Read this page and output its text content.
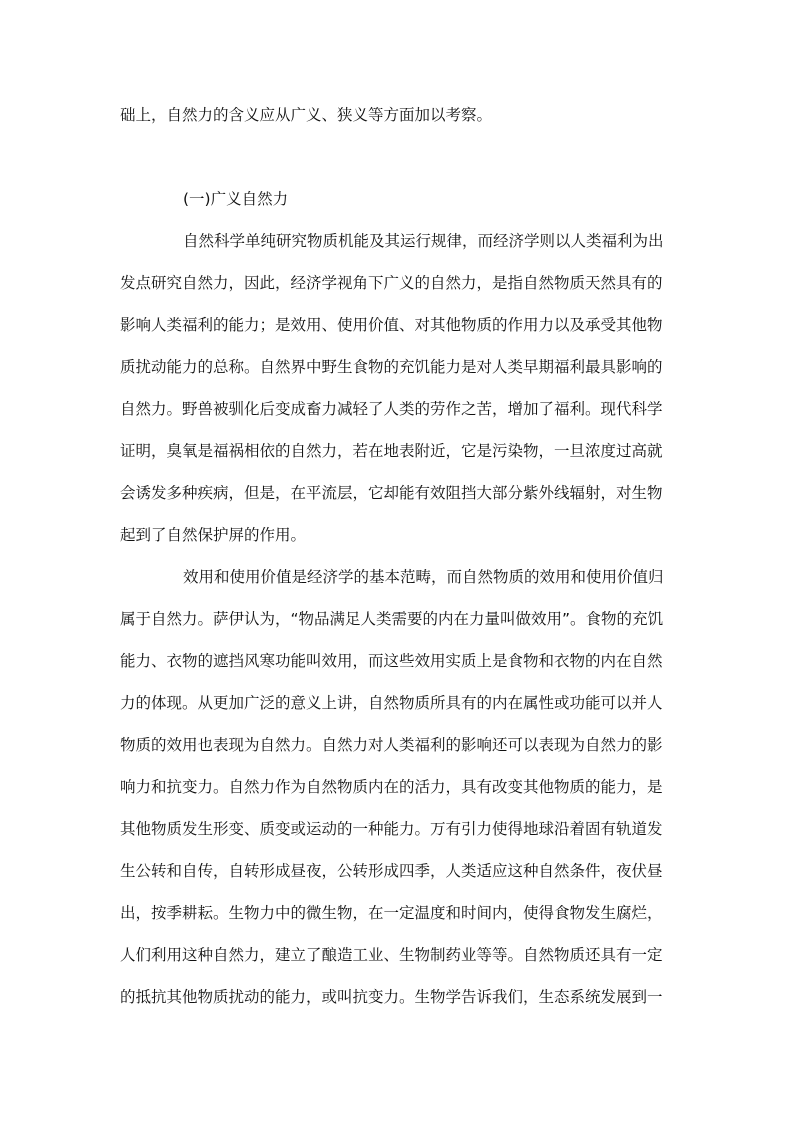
础上，自然力的含义应从广义、狭义等方面加以考察。
(一)广义自然力
自然科学单纯研究物质机能及其运行规律，而经济学则以人类福利为出
发点研究自然力，因此，经济学视角下广义的自然力，是指自然物质天然具有的
影响人类福利的能力；是效用、使用价值、对其他物质的作用力以及承受其他物
质扰动能力的总称。自然界中野生食物的充饥能力是对人类早期福利最具影响的
自然力。野兽被驯化后变成畜力减轻了人类的劳作之苦，增加了福利。现代科学
证明，臭氧是福祸相依的自然力，若在地表附近，它是污染物，一旦浓度过高就
会诱发多种疾病，但是，在平流层，它却能有效阻挡大部分紫外线辐射，对生物
起到了自然保护屏的作用。
效用和使用价值是经济学的基本范畴，而自然物质的效用和使用价值归
属于自然力。萨伊认为，“物品满足人类需要的内在力量叫做效用”。食物的充饥
能力、衣物的遮挡风寒功能叫效用，而这些效用实质上是食物和衣物的内在自然
力的体现。从更加广泛的意义上讲，自然物质所具有的内在属性或功能可以并人
物质的效用也表现为自然力。自然力对人类福利的影响还可以表现为自然力的影
响力和抗变力。自然力作为自然物质内在的活力，具有改变其他物质的能力，是
其他物质发生形变、质变或运动的一种能力。万有引力使得地球沿着固有轨道发
生公转和自传，自转形成昼夜，公转形成四季，人类适应这种自然条件，夜伏昼
出，按季耕耘。生物力中的微生物，在一定温度和时间内，使得食物发生腐烂，
人们利用这种自然力，建立了酿造工业、生物制药业等等。自然物质还具有一定
的抵抗其他物质扰动的能力，或叫抗变力。生物学告诉我们，生态系统发展到一
